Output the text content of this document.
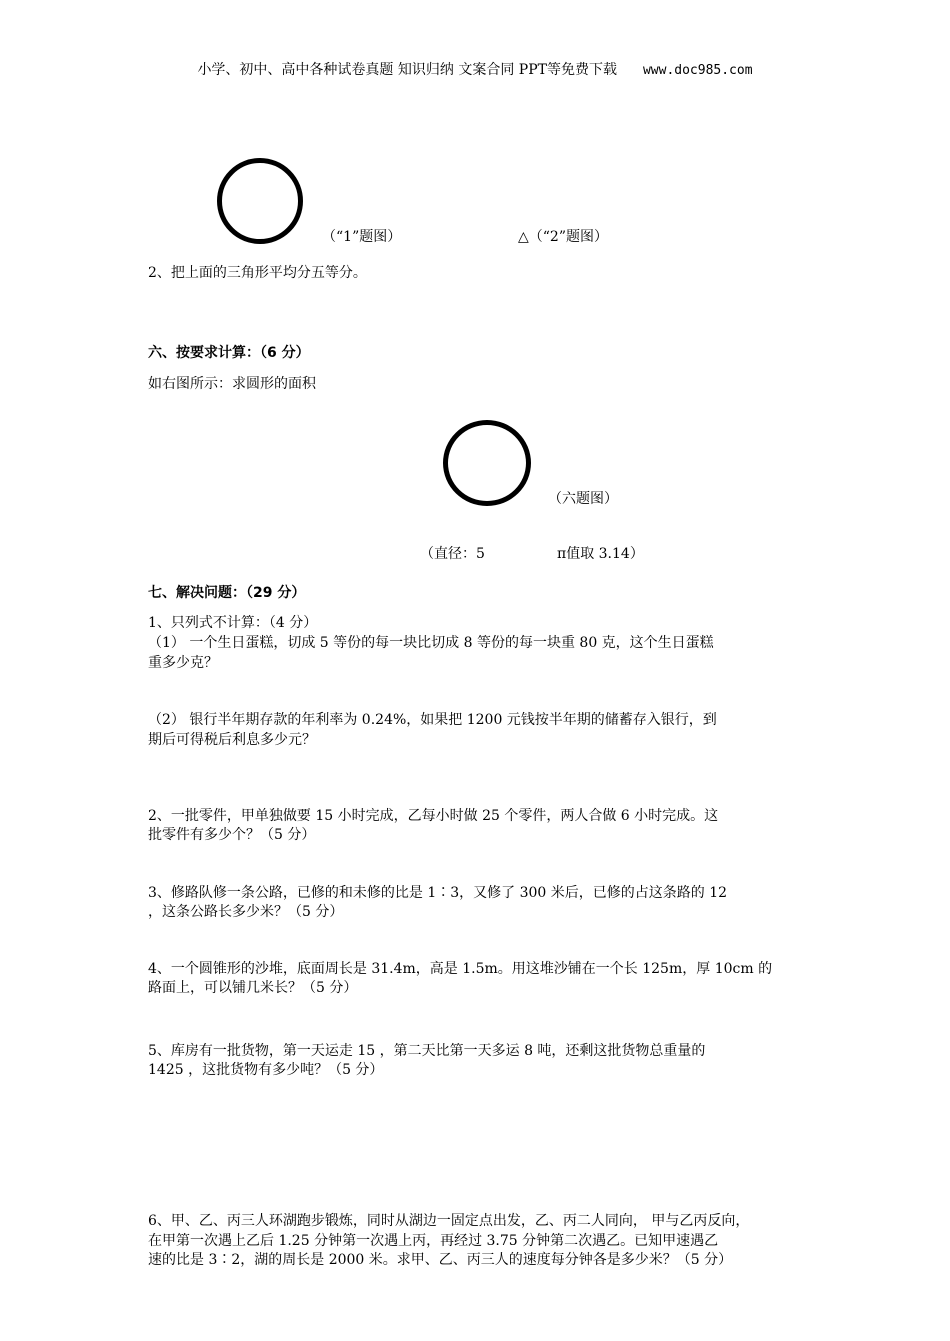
小学、初中、高中各种试卷真题 知识归纳 文案合同 PPT等免费下载 www.doc985.com
（“1”题图）	△（“2”题图）
2、把上面的三角形平均分五等分。
六、按要求计算：（6 分）
如右图所示：求圆形的面积
（六题图）
（直径：5	π值取 3.14）
七、解决问题：（29 分）
1、只列式不计算：（4 分）
（1） 一个生日蛋糕，切成 5 等份的每一块比切成 8 等份的每一块重 80 克，这个生日蛋糕
重多少克？
（2） 银行半年期存款的年利率为 0.24%，如果把 1200 元钱按半年期的储蓄存入银行，到
期后可得税后利息多少元？
2、一批零件，甲单独做要 15 小时完成，乙每小时做 25 个零件，两人合做 6 小时完成。这
批零件有多少个？（5 分）
3、修路队修一条公路，已修的和未修的比是 1∶3，又修了 300 米后，已修的占这条路的 12
，这条公路长多少米？（5 分）
4、一个圆锥形的沙堆，底面周长是 31.4m，高是 1.5m。用这堆沙铺在一个长 125m，厚 10cm 的
路面上，可以铺几米长？（5 分）
5、库房有一批货物，第一天运走 15 ，第二天比第一天多运 8 吨，还剩这批货物总重量的
1425 ，这批货物有多少吨？（5 分）
6、甲、乙、丙三人环湖跑步锻炼，同时从湖边一固定点出发，乙、丙二人同向， 甲与乙丙反向，
在甲第一次遇上乙后 1.25 分钟第一次遇上丙，再经过 3.75 分钟第二次遇乙。已知甲速遇乙
速的比是 3∶2，湖的周长是 2000 米。求甲、乙、丙三人的速度每分钟各是多少米？（5 分）
